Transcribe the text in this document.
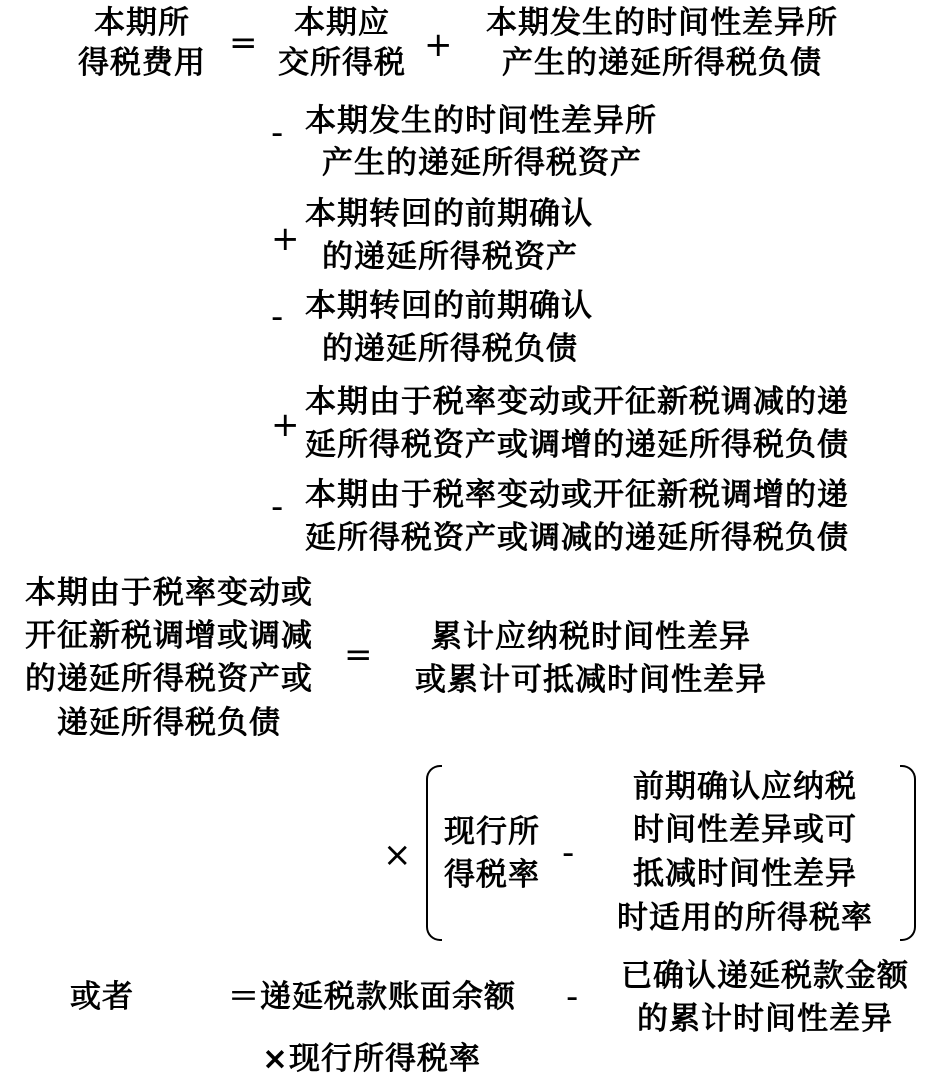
本期所
得税费用 =	本期应
交所得税 +
本期发生的时间性差异所
产生的递延所得税负债
- 本期发生的时间性差异所
产生的递延所得税资产
+
本期转回的前期确认
的递延所得税资产
- 本期转回的前期确认
的递延所得税负债
+
本期由于税率变动或开征新税调减的递
延所得税资产或调增的递延所得税负债
- 本期由于税率变动或开征新税调增的递
延所得税资产或调减的递延所得税负债
本期由于税率变动或
开征新税调增或调减
的递延所得税资产或
递延所得税负债
=	累计应纳税时间性差异
或累计可抵减时间性差异
×
现行所
得税率
-
前期确认应纳税
时间性差异或可
抵减时间性差异
时适用的所得税率
或者	＝递延税款账面余额 -
已确认递延税款金额
的累计时间性差异
×现行所得税率
